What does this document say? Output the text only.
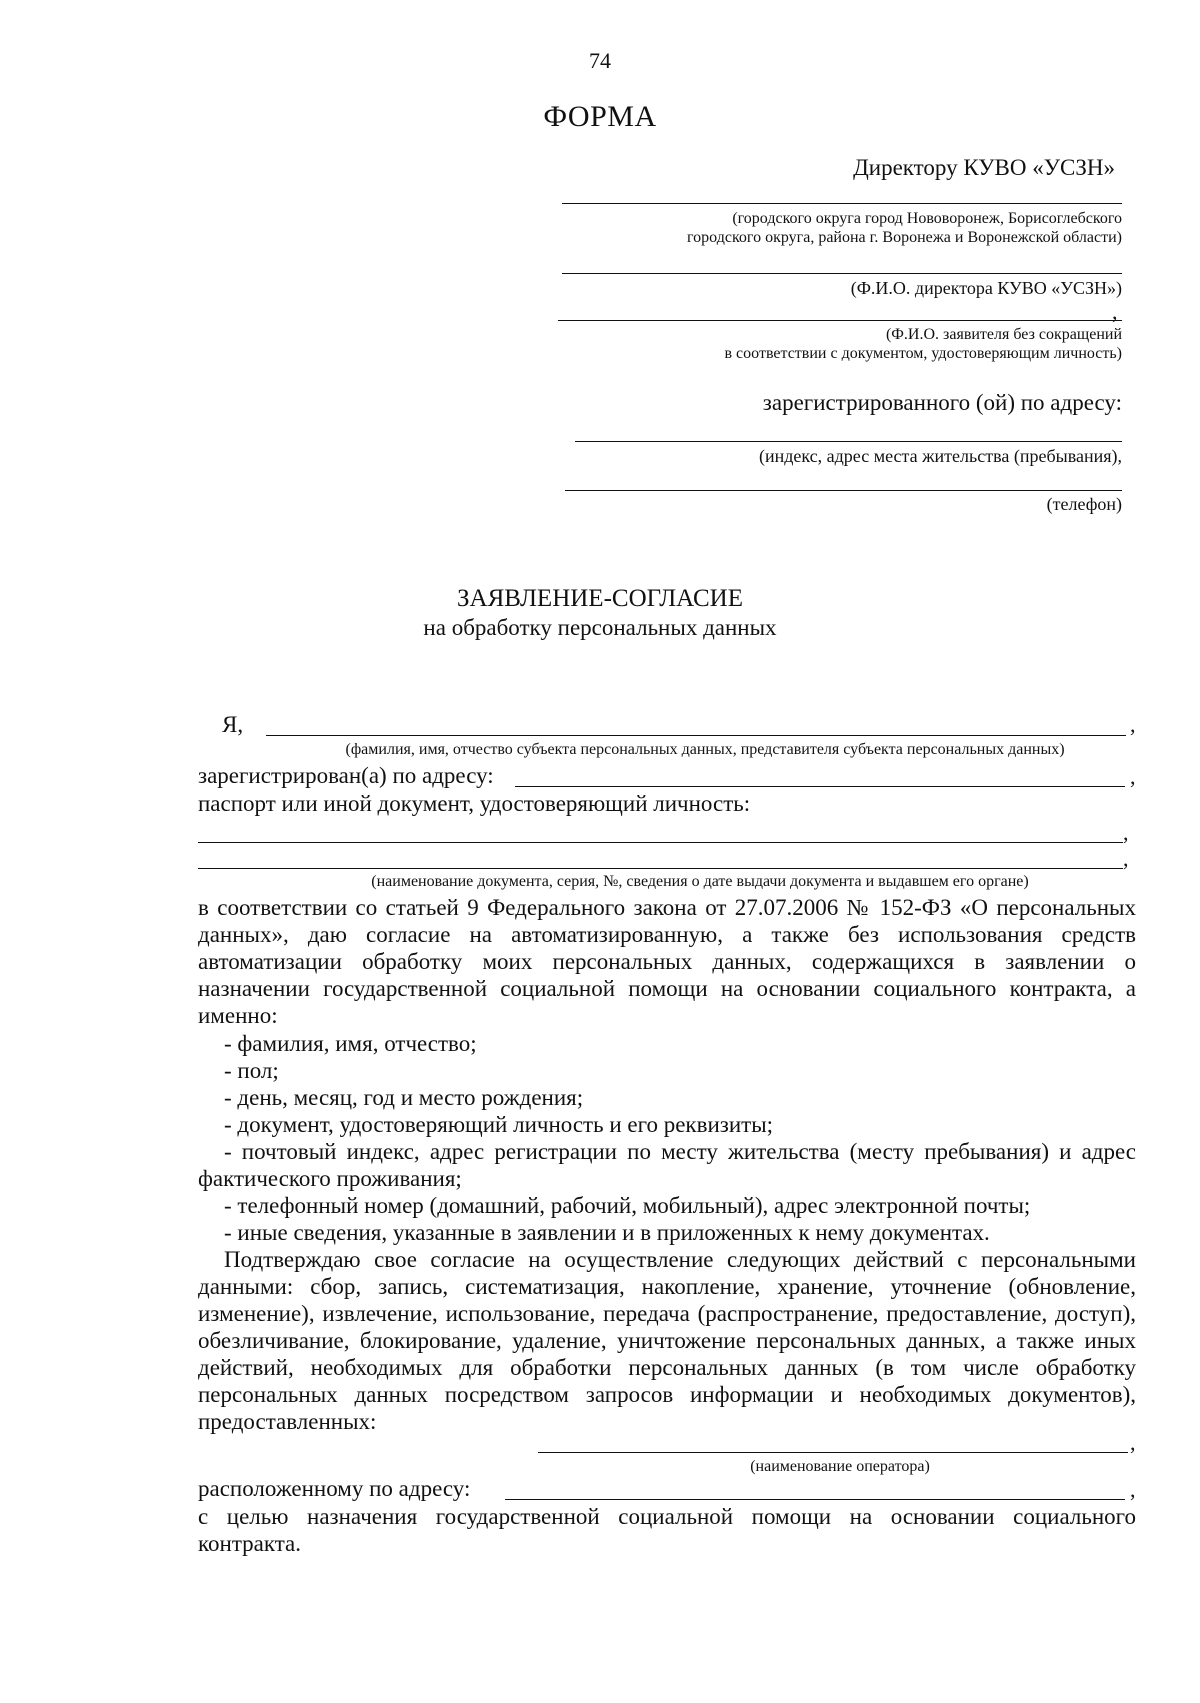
74
ФОРМА
Директору КУВО «УСЗН»
(городского округа город Нововоронеж, Борисоглебского
городского округа, района г. Воронежа и Воронежской области)
(Ф.И.О. директора КУВО «УСЗН»)
,
(Ф.И.О. заявителя без сокращений
в соответствии с документом, удостоверяющим личность)
зарегистрированного (ой) по адресу:
(индекс, адрес места жительства (пребывания),
(телефон)
ЗАЯВЛЕНИЕ-СОГЛАСИЕ
на обработку персональных данных
Я,	,
(фамилия, имя, отчество субъекта персональных данных, представителя субъекта персональных данных)
зарегистрирован(а) по адресу:	,
паспорт или иной документ, удостоверяющий личность:
,
,
(наименование документа, серия, №, сведения о дате выдачи документа и выдавшем его органе)
в соответствии со статьей 9 Федерального закона от 27.07.2006 № 152-ФЗ «О персональных данных», даю согласие на автоматизированную, а также без использования средств автоматизации обработку моих персональных данных, содержащихся в заявлении о назначении государственной социальной помощи на основании социального контракта, а именно:
- фамилия, имя, отчество;
- пол;
- день, месяц, год и место рождения;
- документ, удостоверяющий личность и его реквизиты;
- почтовый индекс, адрес регистрации по месту жительства (месту пребывания) и адрес фактического проживания;
- телефонный номер (домашний, рабочий, мобильный), адрес электронной почты;
- иные сведения, указанные в заявлении и в приложенных к нему документах.
Подтверждаю свое согласие на осуществление следующих действий с персональными данными: сбор, запись, систематизация, накопление, хранение, уточнение (обновление, изменение), извлечение, использование, передача (распространение, предоставление, доступ), обезличивание, блокирование, удаление, уничтожение персональных данных, а также иных действий, необходимых для обработки персональных данных (в том числе обработку персональных данных посредством запросов информации и необходимых документов), предоставленных:
,
(наименование оператора)
расположенному по адресу:	,
с целью назначения государственной социальной помощи на основании социального контракта.
